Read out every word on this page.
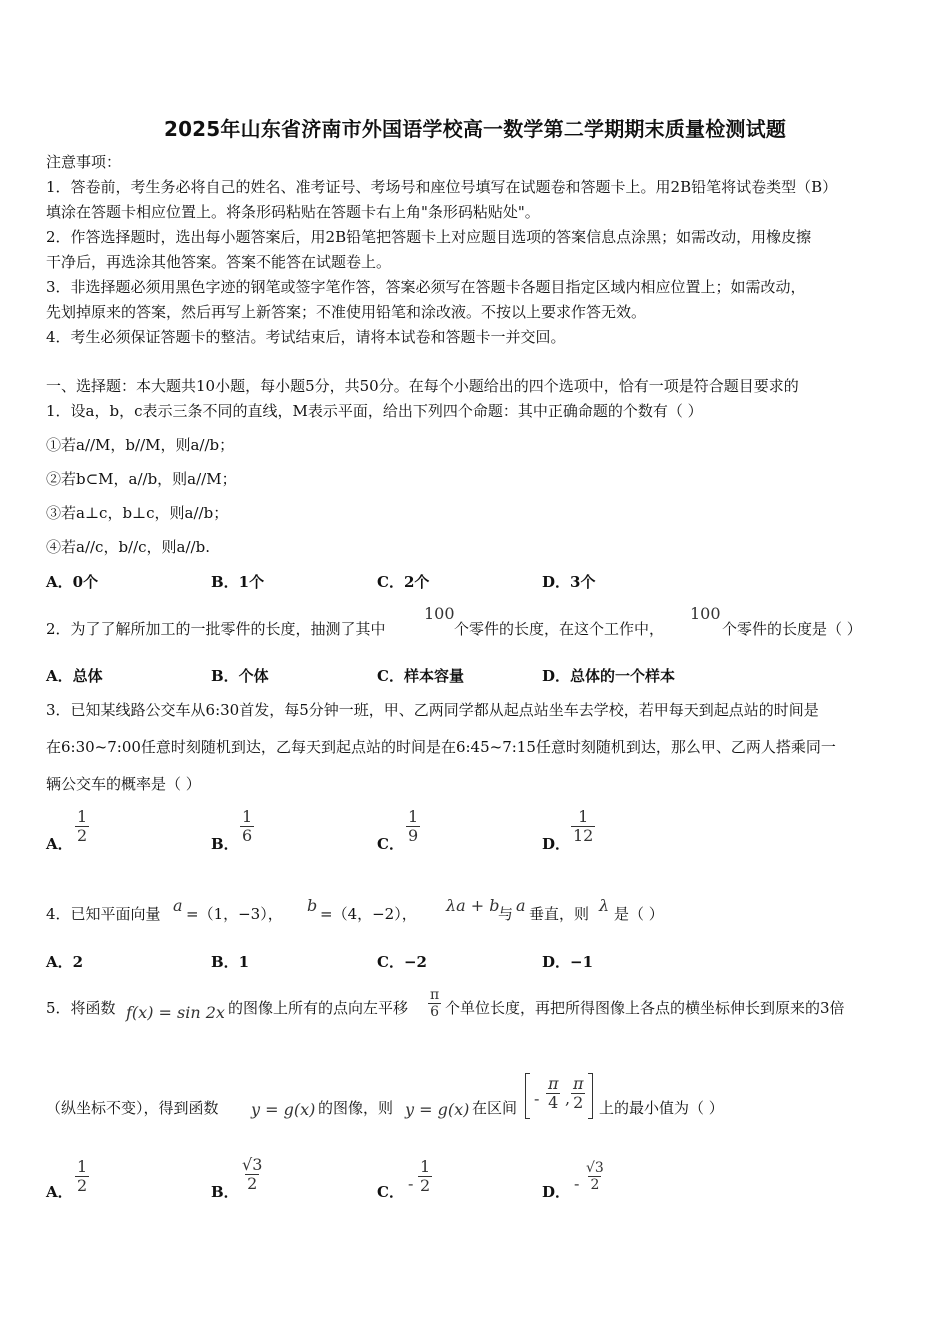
2025年山东省济南市外国语学校高一数学第二学期期末质量检测试题
注意事项：
1．答卷前，考生务必将自己的姓名、准考证号、考场号和座位号填写在试题卷和答题卡上。用2B铅笔将试卷类型（B）
填涂在答题卡相应位置上。将条形码粘贴在答题卡右上角"条形码粘贴处"。
2．作答选择题时，选出每小题答案后，用2B铅笔把答题卡上对应题目选项的答案信息点涂黑；如需改动，用橡皮擦
干净后，再选涂其他答案。答案不能答在试题卷上。
3．非选择题必须用黑色字迹的钢笔或签字笔作答，答案必须写在答题卡各题目指定区域内相应位置上；如需改动，
先划掉原来的答案，然后再写上新答案；不准使用铅笔和涂改液。不按以上要求作答无效。
4．考生必须保证答题卡的整洁。考试结束后，请将本试卷和答题卡一并交回。
一、选择题：本大题共10小题，每小题5分，共50分。在每个小题给出的四个选项中，恰有一项是符合题目要求的
1．设a，b，c表示三条不同的直线，M表示平面，给出下列四个命题：其中正确命题的个数有（ ）
①若a//M，b//M，则a//b；
②若b⊂M，a//b，则a//M；
③若a⊥c，b⊥c，则a//b；
④若a//c，b//c，则a//b.
A．0个	B．1个	C．2个	D．3个
2．为了了解所加工的一批零件的长度，抽测了其中
100
个零件的长度，在这个工作中，
100
个零件的长度是（ ）
A．总体	B．个体	C．样本容量	D．总体的一个样本
3．已知某线路公交车从6:30首发，每5分钟一班，甲、乙两同学都从起点站坐车去学校，若甲每天到起点站的时间是
在6:30~7:00任意时刻随机到达，乙每天到起点站的时间是在6:45~7:15任意时刻随机到达，那么甲、乙两人搭乘同一
辆公交车的概率是（ ）
A． $\frac{1}{2}$	B． $\frac{1}{6}$	C． $\frac{1}{9}$	D． $\frac{1}{12}$
4．已知平面向量 a =（1，−3）， b =（4，−2）， λa + b
与 a 垂直，则 λ 是（ ）
A．2	B．1	C．−2	D．−1
5．将函数 f(x) = sin 2x 的图像上所有的点向左平移 $\frac{\pi}{6}$ 个单位长度，再把所得图像上各点的横坐标伸长到原来的3倍
（纵坐标不变），得到函数 y = g(x) 的图像，则 y = g(x) 在区间 - $\frac{\pi}{4}$ , $\frac{\pi}{2}$ 上的最小值为（ ）
A． $\frac{1}{2}$	B． $\frac{√3}{2}$	C． - $\frac{1}{2}$	D． - $\frac{√3}{2}$
